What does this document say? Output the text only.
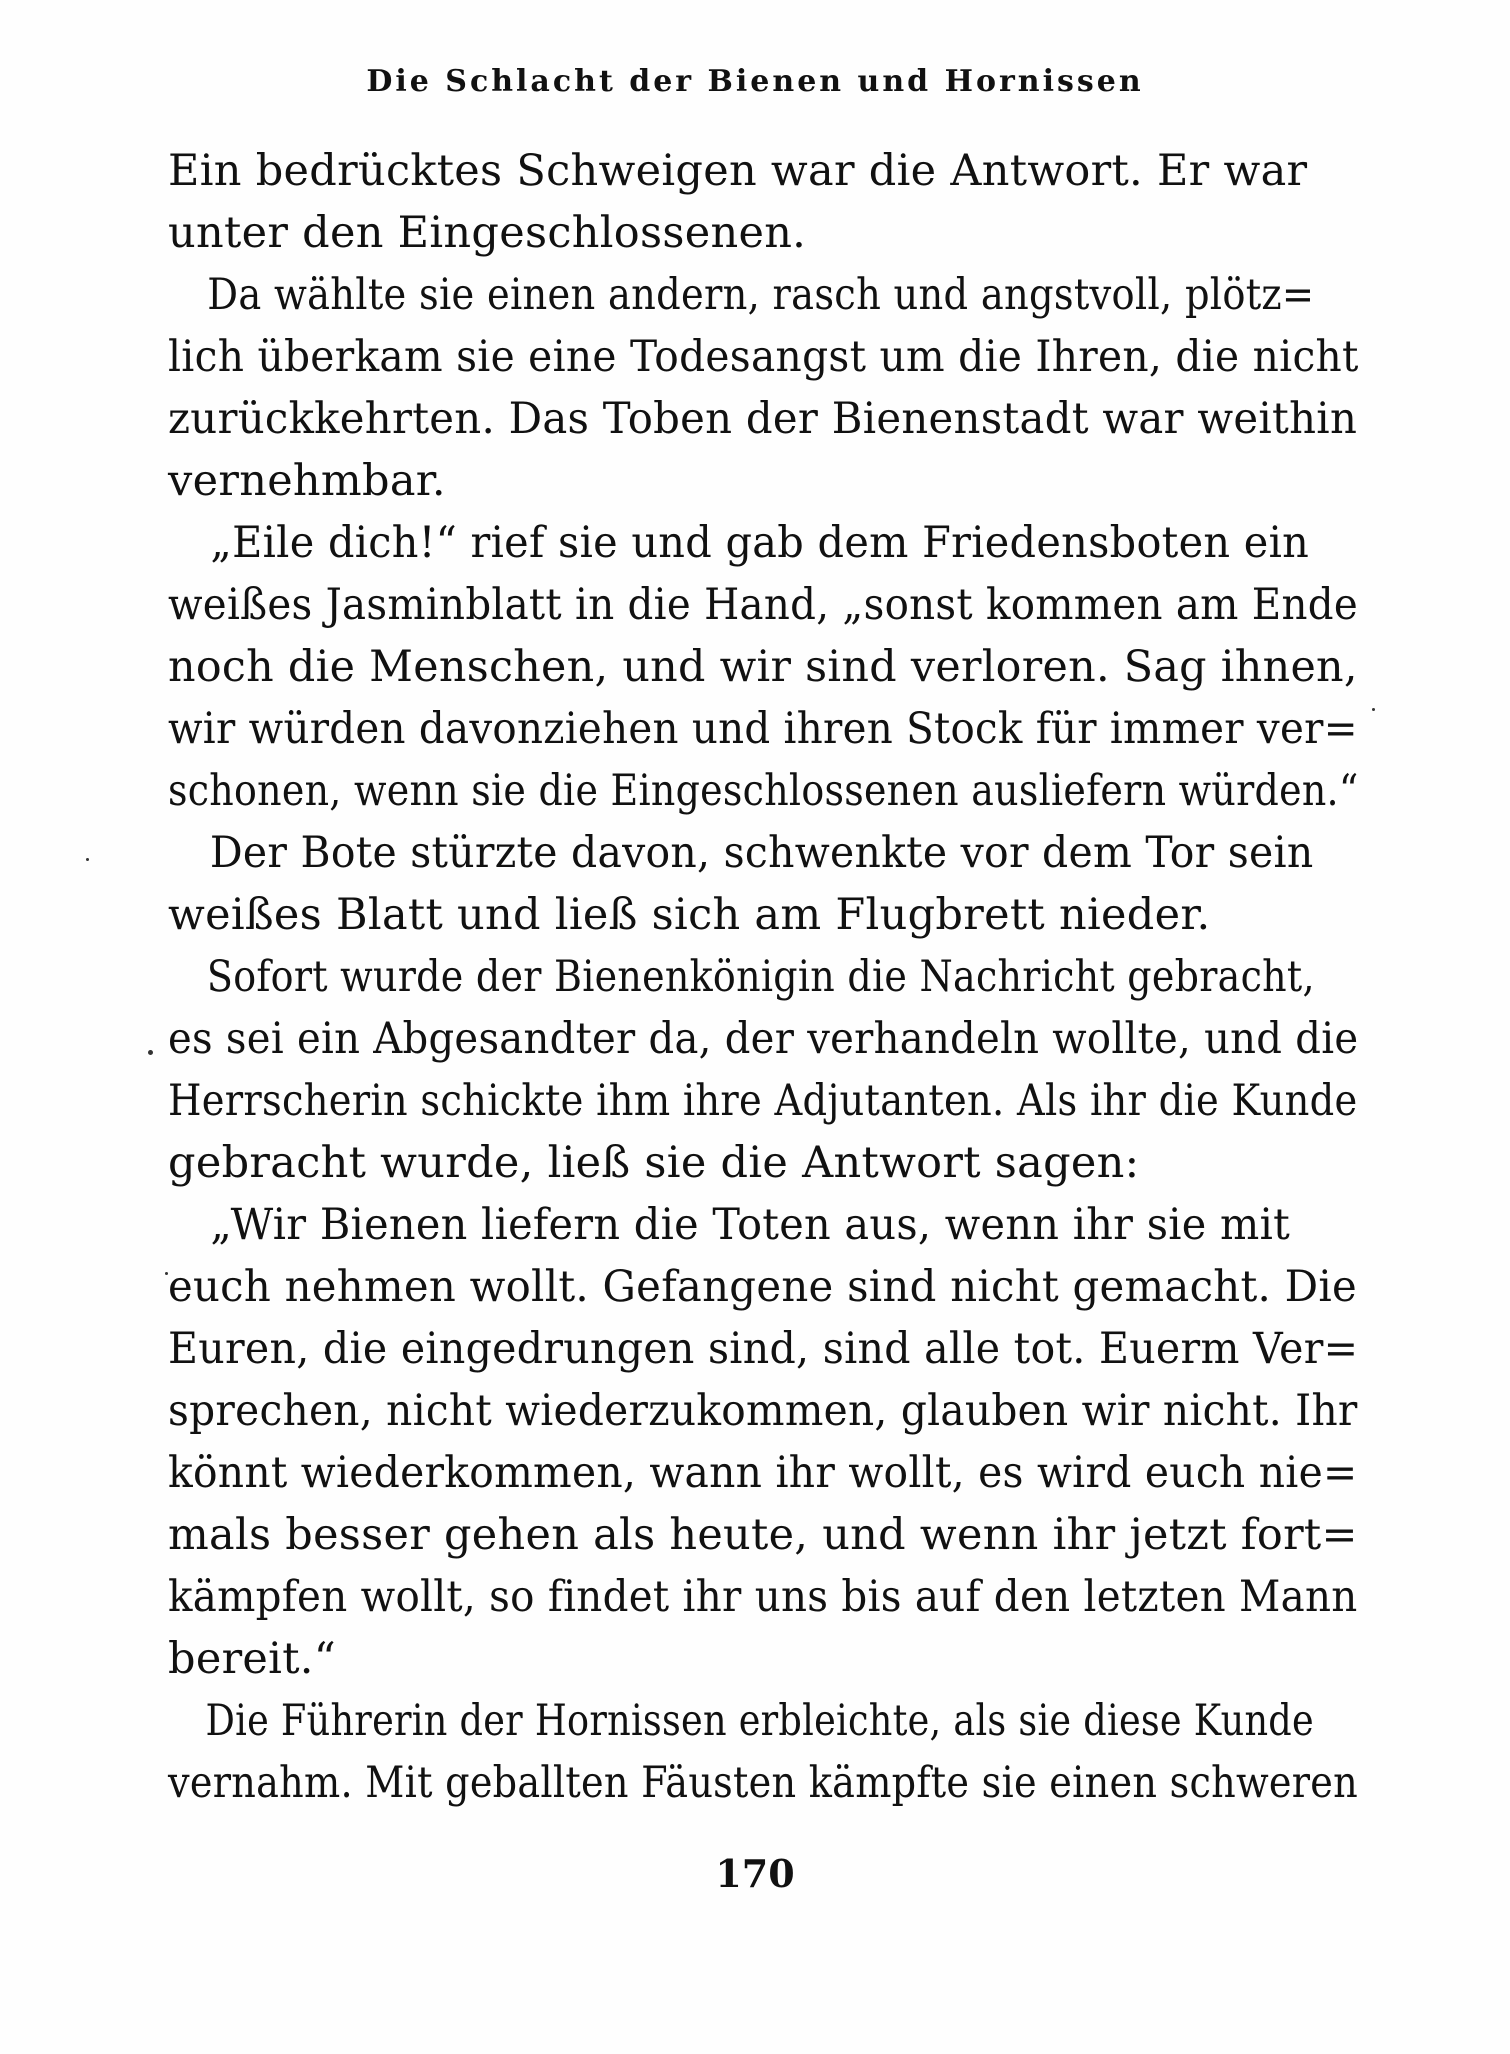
Die Schlacht der Bienen und Hornissen

Ein bedrücktes Schweigen war die Antwort. Er war
unter den Eingeschlossenen.

Da wählte sie einen andern, rasch und angstvoll, plötz=
lich überkam sie eine Todesangst um die Ihren, die nicht
zurückkehrten. Das Toben der Bienenstadt war weithin
vernehmbar.

„Eile dich!“ rief sie und gab dem Friedensboten ein
weißes Jasminblatt in die Hand, „sonst kommen am Ende
noch die Menschen, und wir sind verloren. Sag ihnen,
wir würden davonziehen und ihren Stock für immer ver=
schonen, wenn sie die Eingeschlossenen ausliefern würden.“

Der Bote stürzte davon, schwenkte vor dem Tor sein
weißes Blatt und ließ sich am Flugbrett nieder.

Sofort wurde der Bienenkönigin die Nachricht gebracht,
es sei ein Abgesandter da, der verhandeln wollte, und die
Herrscherin schickte ihm ihre Adjutanten. Als ihr die Kunde
gebracht wurde, ließ sie die Antwort sagen:

„Wir Bienen liefern die Toten aus, wenn ihr sie mit
euch nehmen wollt. Gefangene sind nicht gemacht. Die
Euren, die eingedrungen sind, sind alle tot. Euerm Ver=
sprechen, nicht wiederzukommen, glauben wir nicht. Ihr
könnt wiederkommen, wann ihr wollt, es wird euch nie=
mals besser gehen als heute, und wenn ihr jetzt fort=
kämpfen wollt, so findet ihr uns bis auf den letzten Mann
bereit.“

Die Führerin der Hornissen erbleichte, als sie diese Kunde
vernahm. Mit geballten Fäusten kämpfte sie einen schweren

170
